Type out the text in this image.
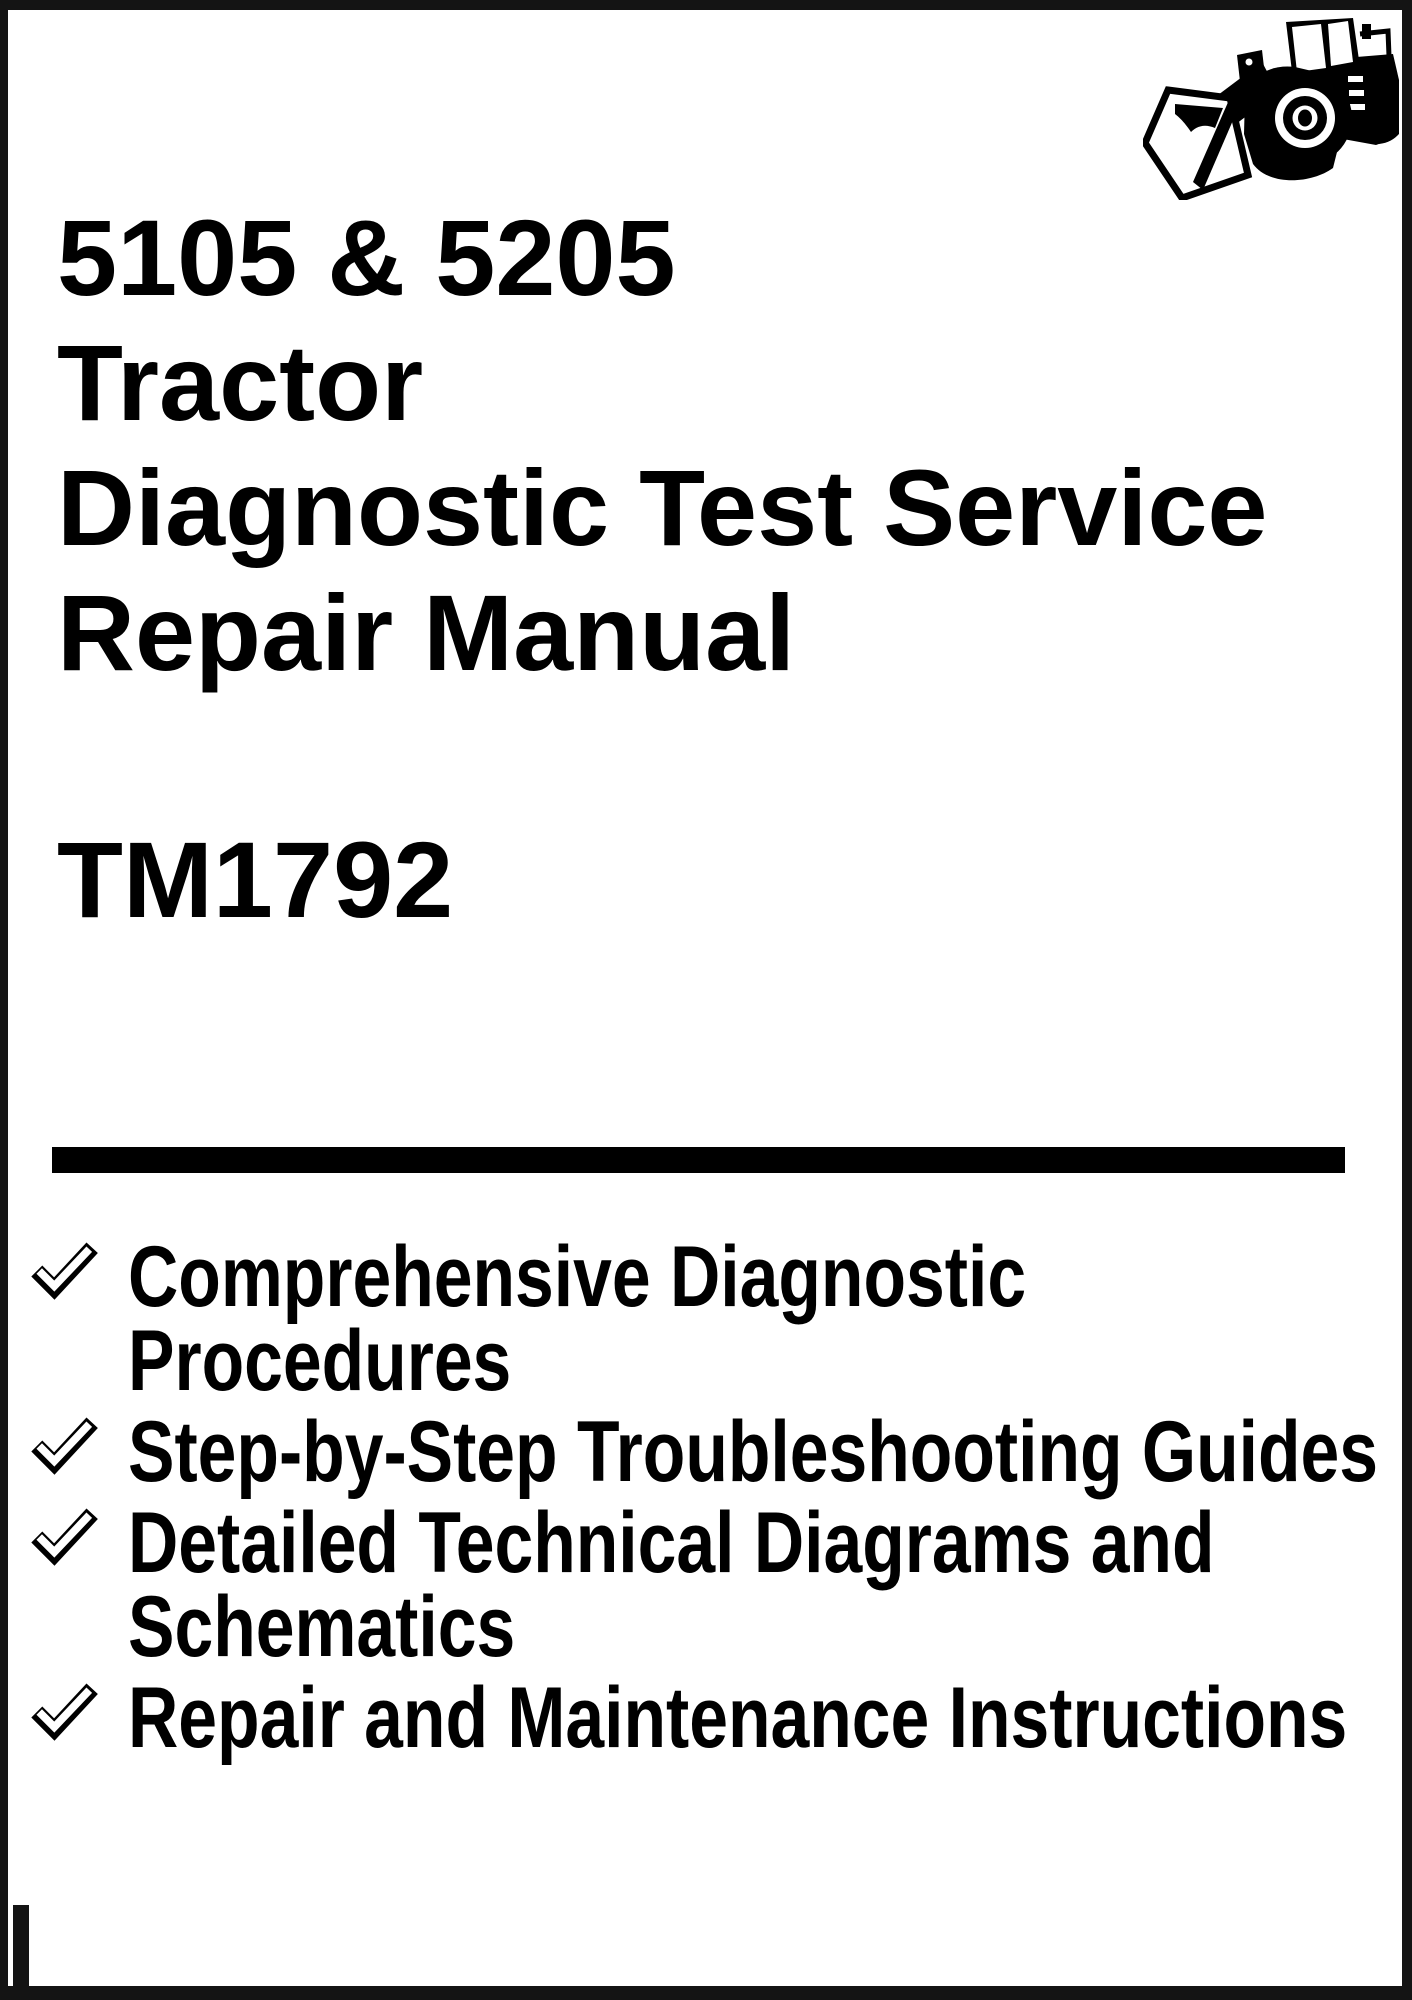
5105 & 5205
Tractor
Diagnostic Test Service
Repair Manual
TM1792
Comprehensive Diagnostic
Procedures
Step-by-Step Troubleshooting Guides
Detailed Technical Diagrams and
Schematics
Repair and Maintenance Instructions
